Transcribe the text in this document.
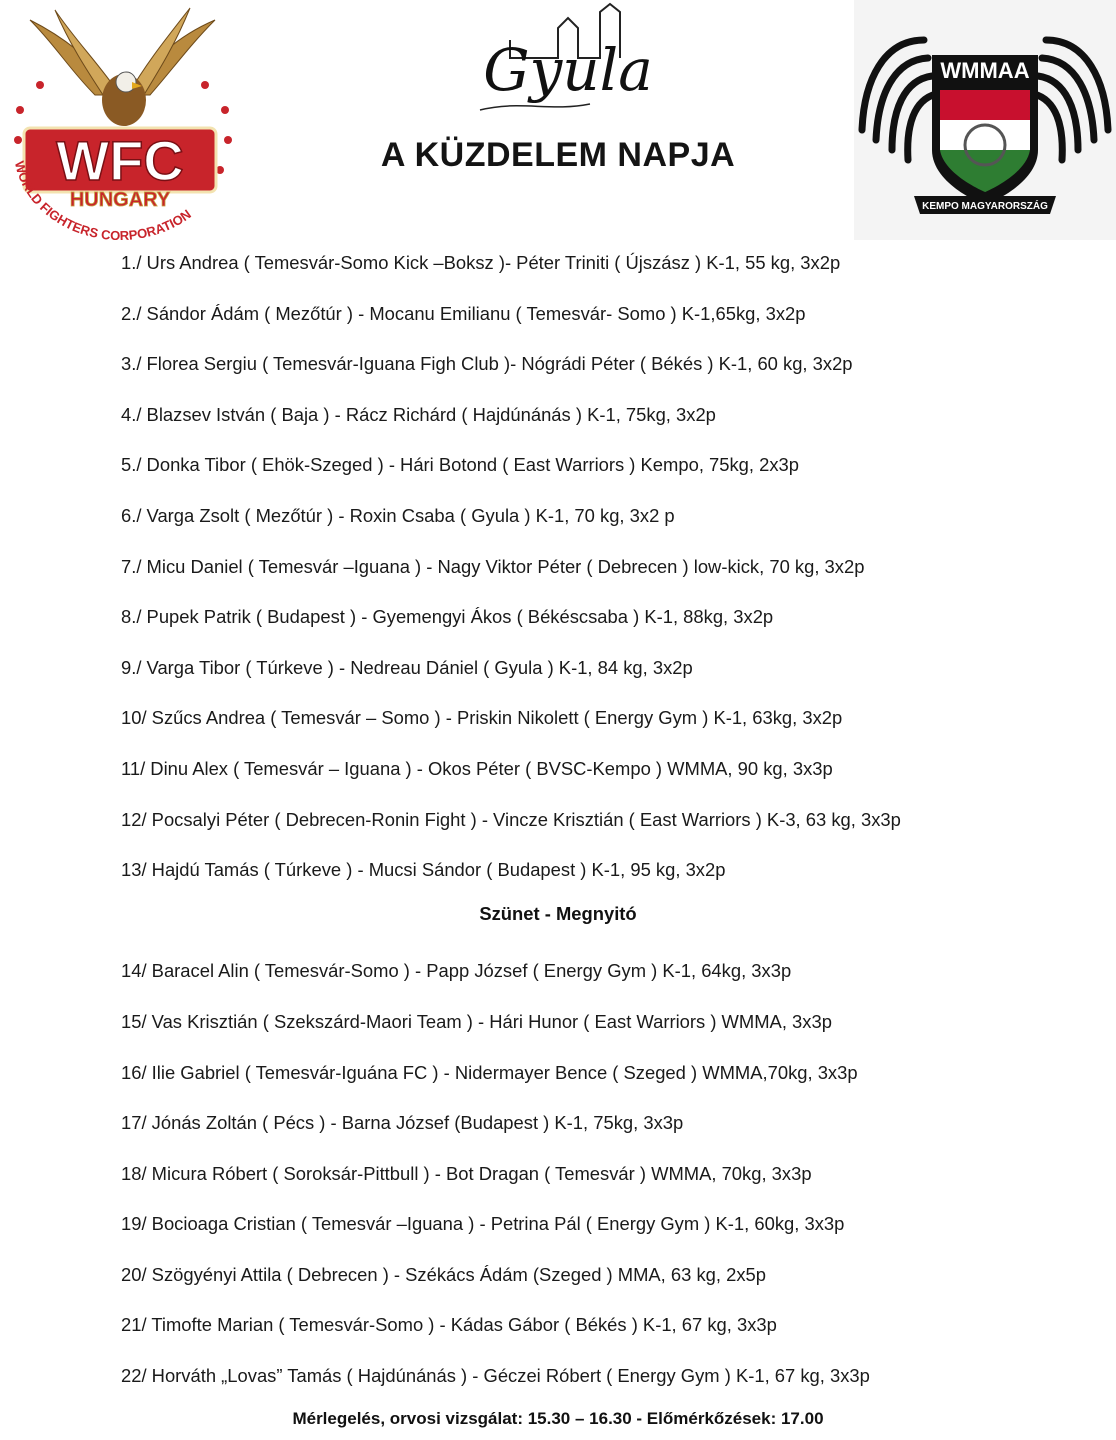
WFC
HUNGARY
WORLD FIGHTERS CORPORATION
Gyula	WMMAA
KEMPO MAGYARORSZÁG
A KÜZDELEM NAPJA
1./ Urs Andrea ( Temesvár-Somo Kick –Boksz )- Péter Triniti ( Újszász ) K-1, 55 kg, 3x2p
2./ Sándor Ádám ( Mezőtúr ) - Mocanu Emilianu ( Temesvár- Somo ) K-1,65kg, 3x2p
3./ Florea Sergiu ( Temesvár-Iguana Figh Club )- Nógrádi Péter ( Békés ) K-1, 60 kg, 3x2p
4./ Blazsev István ( Baja ) - Rácz Richárd ( Hajdúnánás ) K-1, 75kg, 3x2p
5./ Donka Tibor ( Ehök-Szeged ) - Hári Botond ( East Warriors ) Kempo, 75kg, 2x3p
6./ Varga Zsolt ( Mezőtúr ) - Roxin Csaba ( Gyula ) K-1, 70 kg, 3x2 p
7./ Micu Daniel ( Temesvár –Iguana ) - Nagy Viktor Péter ( Debrecen ) low-kick, 70 kg, 3x2p
8./ Pupek Patrik ( Budapest ) - Gyemengyi Ákos ( Békéscsaba ) K-1, 88kg, 3x2p
9./ Varga Tibor ( Túrkeve ) - Nedreau Dániel ( Gyula ) K-1, 84 kg, 3x2p
10/ Szűcs Andrea ( Temesvár – Somo ) - Priskin Nikolett ( Energy Gym ) K-1, 63kg, 3x2p
11/ Dinu Alex ( Temesvár – Iguana ) - Okos Péter ( BVSC-Kempo ) WMMA, 90 kg, 3x3p
12/ Pocsalyi Péter ( Debrecen-Ronin Fight ) - Vincze Krisztián ( East Warriors ) K-3, 63 kg, 3x3p
13/ Hajdú Tamás ( Túrkeve ) - Mucsi Sándor ( Budapest ) K-1, 95 kg, 3x2p
14/ Baracel Alin ( Temesvár-Somo ) - Papp József ( Energy Gym ) K-1, 64kg, 3x3p
15/ Vas Krisztián ( Szekszárd-Maori Team ) - Hári Hunor ( East Warriors ) WMMA, 3x3p
16/ Ilie Gabriel ( Temesvár-Iguána FC ) - Nidermayer Bence ( Szeged ) WMMA,70kg, 3x3p
17/ Jónás Zoltán ( Pécs ) - Barna József (Budapest ) K-1, 75kg, 3x3p
18/ Micura Róbert ( Soroksár-Pittbull ) - Bot Dragan ( Temesvár ) WMMA, 70kg, 3x3p
19/ Bocioaga Cristian ( Temesvár –Iguana ) - Petrina Pál ( Energy Gym ) K-1, 60kg, 3x3p
20/ Szögyényi Attila ( Debrecen ) - Székács Ádám (Szeged ) MMA, 63 kg, 2x5p
21/ Timofte Marian ( Temesvár-Somo ) - Kádas Gábor ( Békés ) K-1, 67 kg, 3x3p
22/ Horváth „Lovas” Tamás ( Hajdúnánás ) - Géczei Róbert ( Energy Gym ) K-1, 67 kg, 3x3p
Szünet - Megnyitó
Mérlegelés, orvosi vizsgálat: 15.30 – 16.30 - Előmérkőzések: 17.00
